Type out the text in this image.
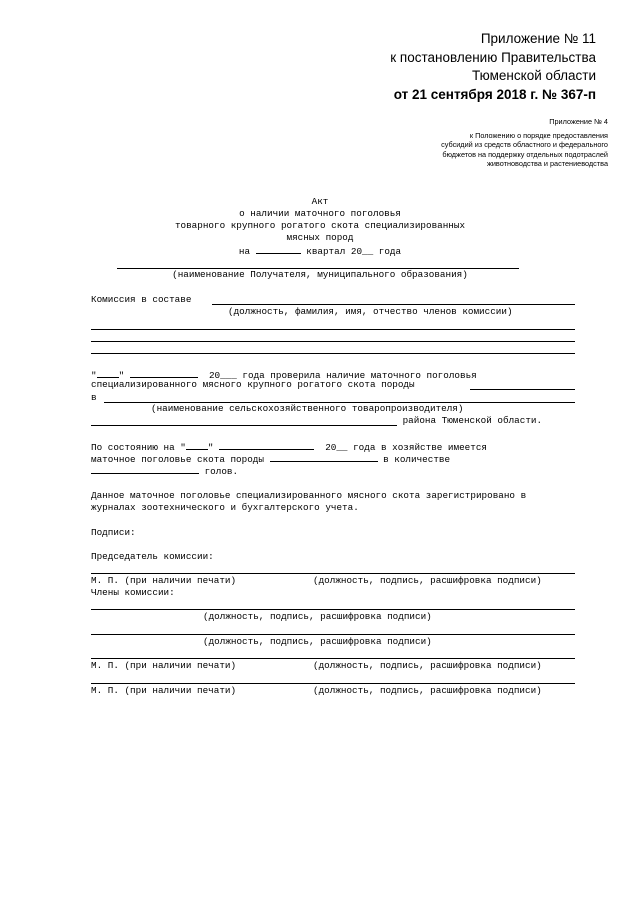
Приложение № 11
к постановлению Правительства
Тюменской области
от 21 сентября 2018 г. № 367-п
Приложение № 4
к Положению о порядке предоставления
субсидий из средств областного и федерального
бюджетов на поддержку отдельных подотраслей
животноводства и растениеводства
Акт
о наличии маточного поголовья
товарного крупного рогатого скота специализированных
мясных пород
на	квартал 20__ года
(наименование Получателя, муниципального образования)
Комиссия в составе
(должность, фамилия, имя, отчество членов комиссии)
" "	20___ года проверила наличие маточного поголовья
специализированного мясного крупного рогатого скота породы
в
(наименование сельскохозяйственного товаропроизводителя)
района Тюменской области.
По состоянию на " "	20__ года в хозяйстве имеется
маточное поголовье скота породы	в количестве
голов.
Данное маточное поголовье специализированного мясного скота зарегистрировано в
журналах зоотехнического и бухгалтерского учета.
Подписи:
Председатель комиссии:
М. П. (при наличии печати)	(должность, подпись, расшифровка подписи)
Члены комиссии:
(должность, подпись, расшифровка подписи)
(должность, подпись, расшифровка подписи)
М. П. (при наличии печати)	(должность, подпись, расшифровка подписи)
М. П. (при наличии печати)	(должность, подпись, расшифровка подписи)
